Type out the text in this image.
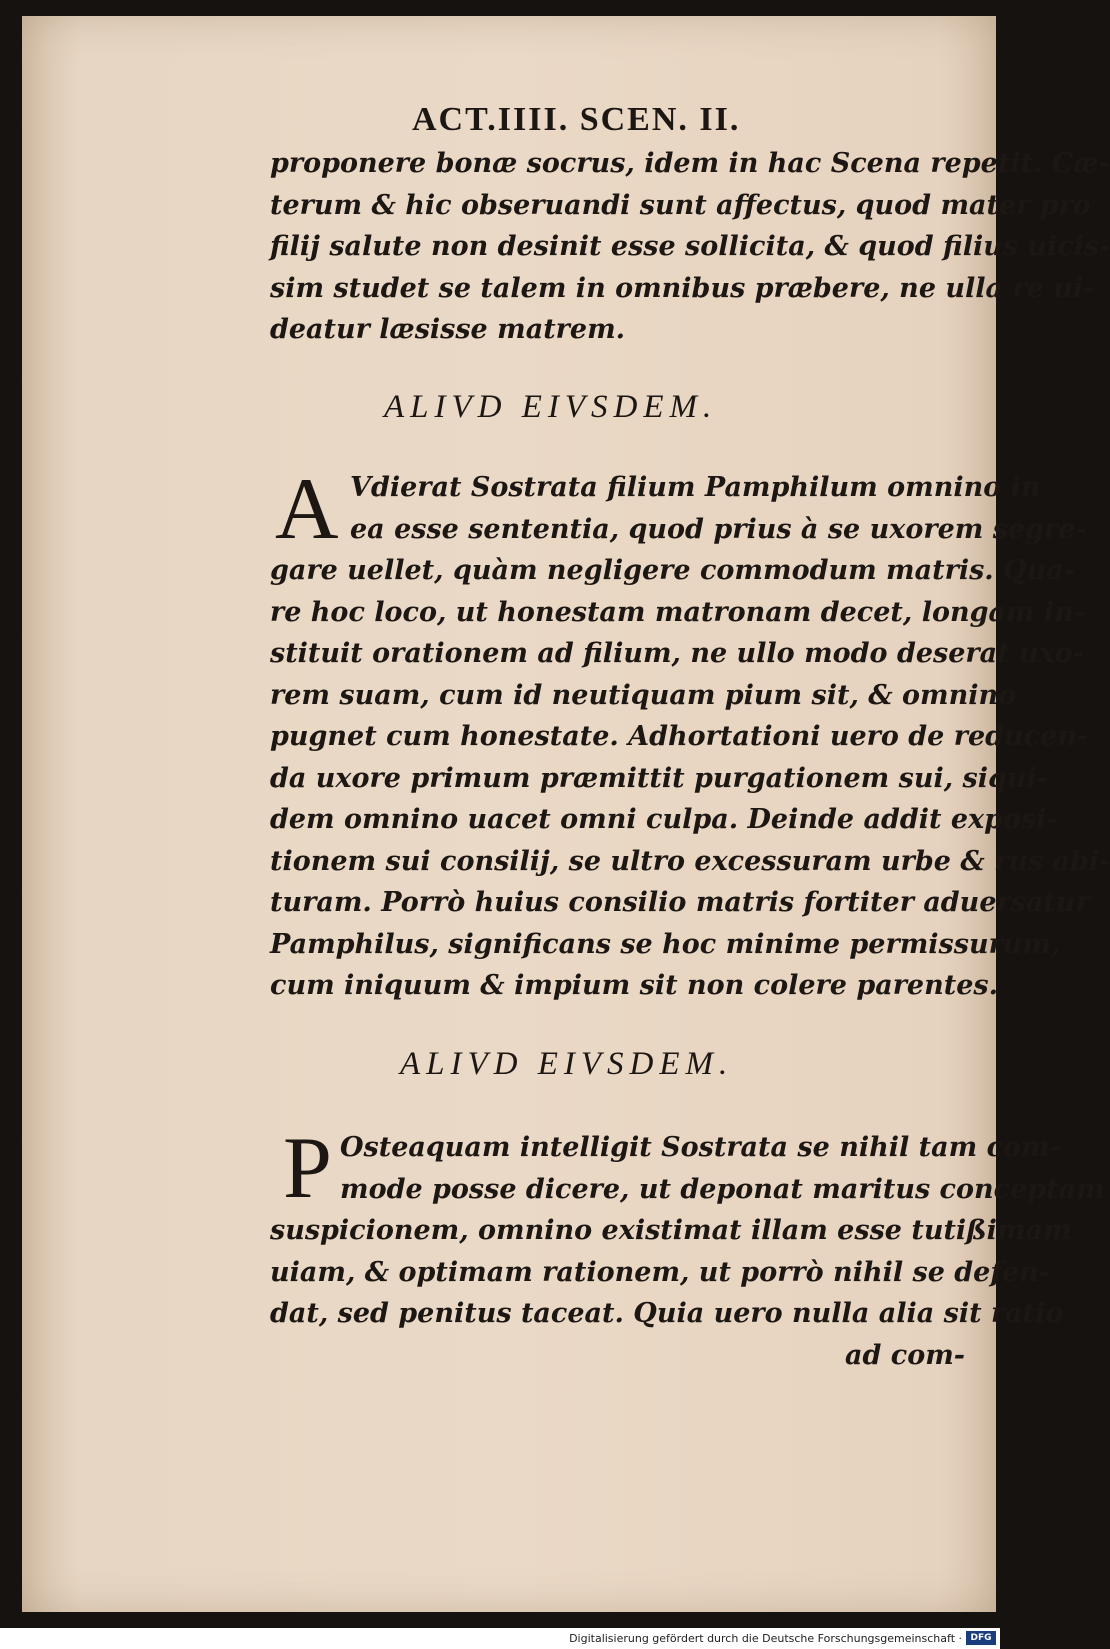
ACT.IIII. SCEN. II.
proponere bonæ socrus, idem in hac Scena repetit. Cæ-
terum & hic obseruandi sunt affectus, quod mater pro
filij salute non desinit esse sollicita, & quod filius uicis-
sim studet se talem in omnibus præbere, ne ulla re ui-
deatur læsisse matrem.
ALIVD EIVSDEM.
A Vdierat Sostrata filium Pamphilum omnino in
ea esse sententia, quod prius à se uxorem segre-
gare uellet, quàm negligere commodum matris. Qua-
re hoc loco, ut honestam matronam decet, longam in-
stituit orationem ad filium, ne ullo modo deserat uxo-
rem suam, cum id neutiquam pium sit, & omnino
pugnet cum honestate. Adhortationi uero de reducen-
da uxore primum præmittit purgationem sui, siqui-
dem omnino uacet omni culpa. Deinde addit exposi-
tionem sui consilij, se ultro excessuram urbe & rus abi-
turam. Porrò huius consilio matris fortiter aduersatur
Pamphilus, significans se hoc minime permissurum,
cum iniquum & impium sit non colere parentes.
ALIVD EIVSDEM.
P Osteaquam intelligit Sostrata se nihil tam com-
mode posse dicere, ut deponat maritus conceptam
suspicionem, omnino existimat illam esse tutißimam
uiam, & optimam rationem, ut porrò nihil se defen-
dat, sed penitus taceat. Quia uero nulla alia sit ratio
ad com-
Digitalisierung gefördert durch die Deutsche Forschungsgemeinschaft · DFG
